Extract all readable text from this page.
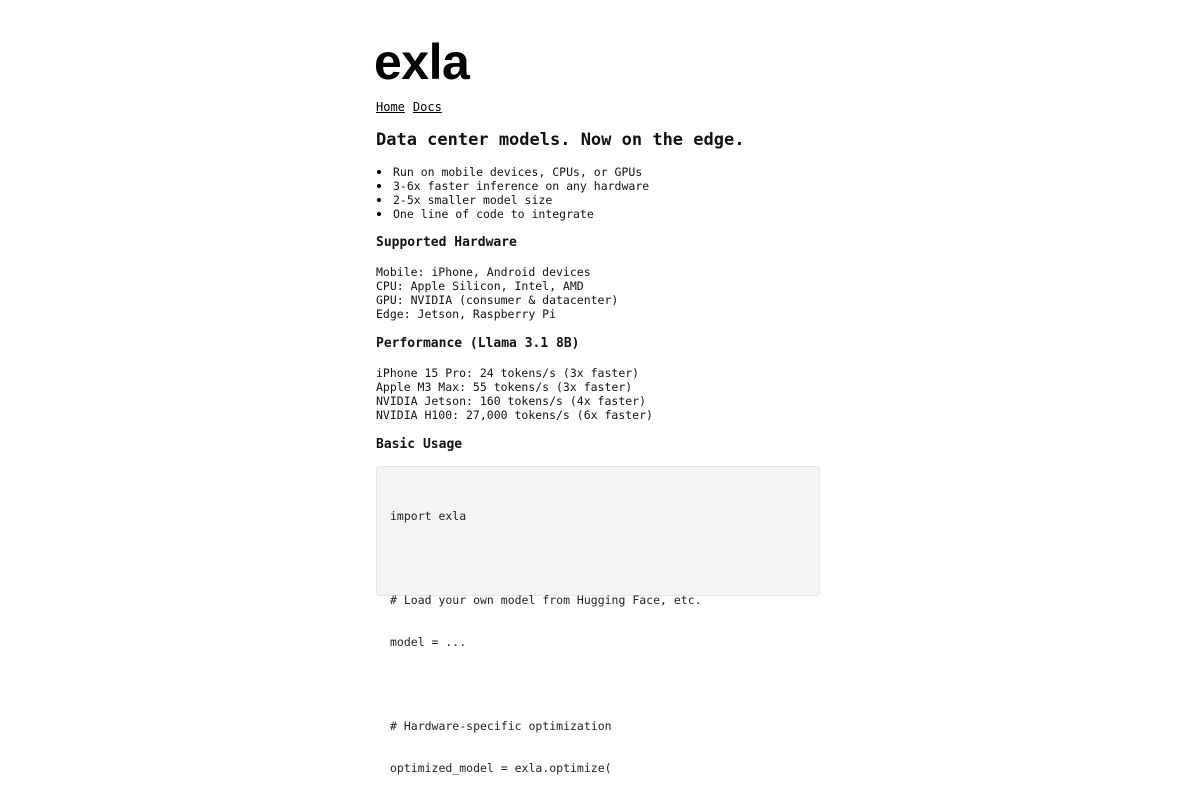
exla
Home Docs
Data center models. Now on the edge.
Run on mobile devices, CPUs, or GPUs
3-6x faster inference on any hardware
2-5x smaller model size
One line of code to integrate
Supported Hardware
Mobile: iPhone, Android devices
CPU: Apple Silicon, Intel, AMD
GPU: NVIDIA (consumer & datacenter)
Edge: Jetson, Raspberry Pi
Performance (Llama 3.1 8B)
iPhone 15 Pro: 24 tokens/s (3x faster)
Apple M3 Max: 55 tokens/s (3x faster)
NVIDIA Jetson: 160 tokens/s (4x faster)
NVIDIA H100: 27,000 tokens/s (6x faster)
Basic Usage

import exla

# Load your own model from Hugging Face, etc.

model = ...

# Hardware-specific optimization

optimized_model = exla.optimize(
